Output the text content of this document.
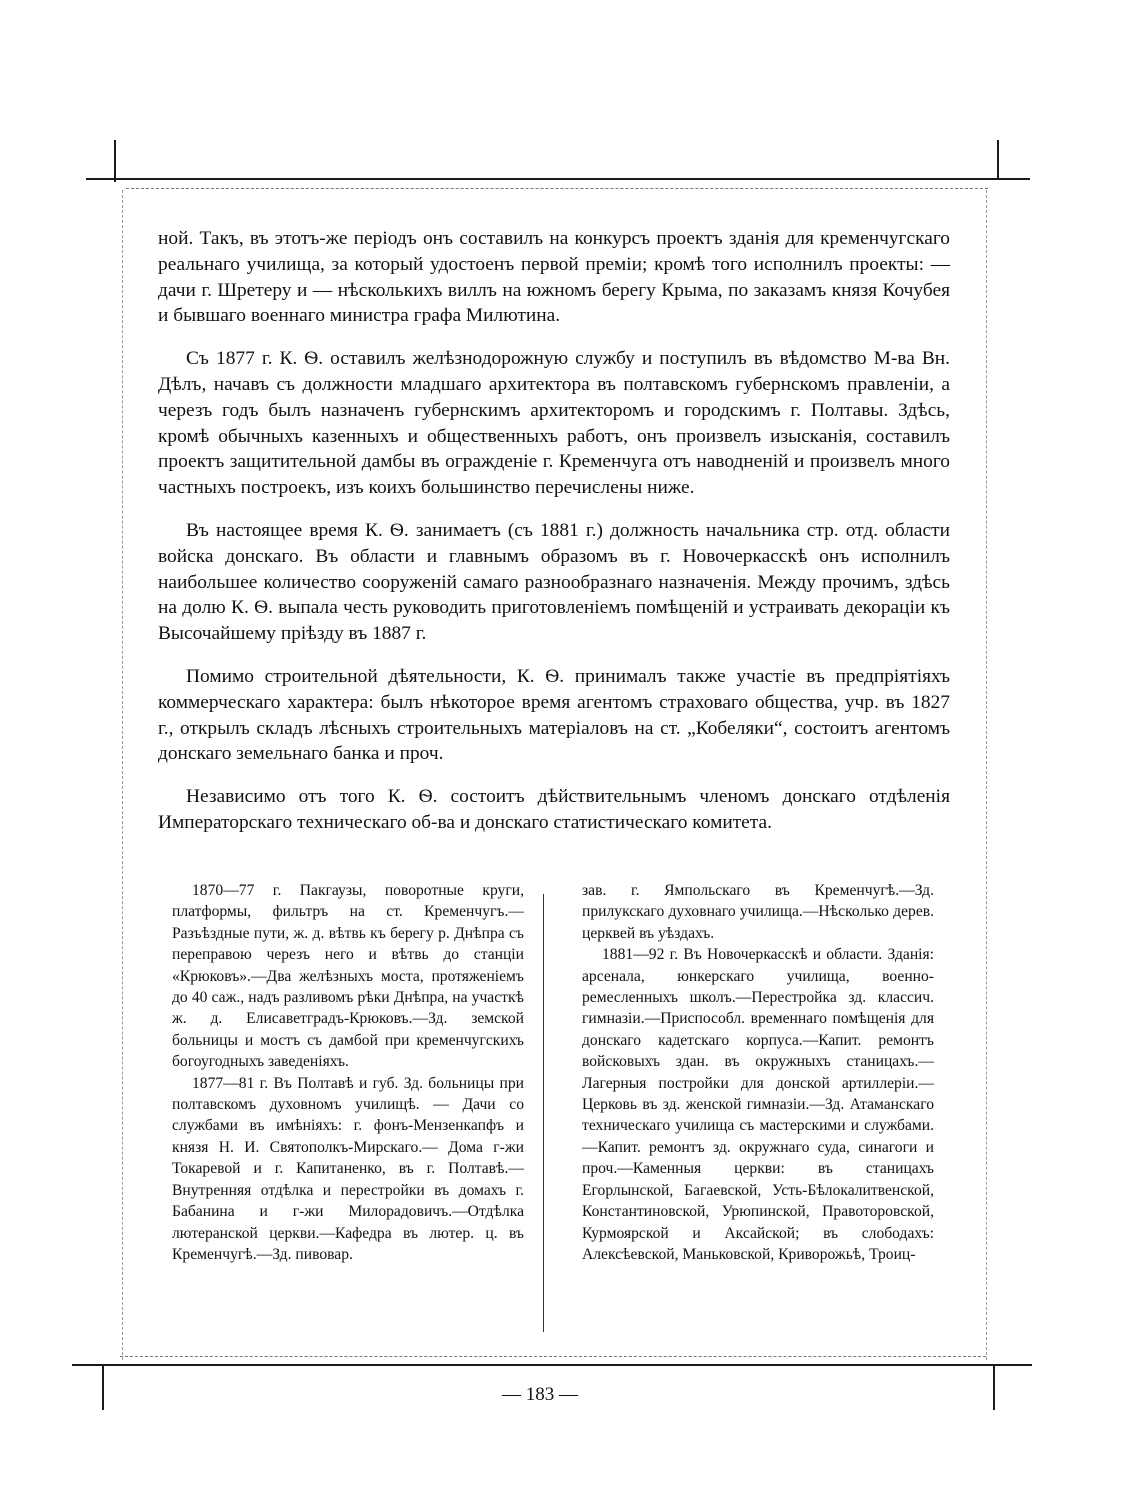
ной. Такъ, въ этотъ-же періодъ онъ составилъ на конкурсъ проектъ зданія для кременчугскаго реальнаго училища, за который удостоенъ первой преміи; кромѣ того исполнилъ проекты: — дачи г. Шретеру и — нѣсколькихъ виллъ на южномъ берегу Крыма, по заказамъ князя Кочубея и бывшаго военнаго министра графа Милютина.

Съ 1877 г. К. Ѳ. оставилъ желѣзнодорожную службу и поступилъ въ вѣдомство М-ва Вн. Дѣлъ, начавъ съ должности младшаго архитектора въ полтавскомъ губернскомъ правленіи, а черезъ годъ былъ назначенъ губернскимъ архитекторомъ и городскимъ г. Полтавы. Здѣсь, кромѣ обычныхъ казенныхъ и общественныхъ работъ, онъ произвелъ изысканія, составилъ проектъ защитительной дамбы въ огражденіе г. Кременчуга отъ наводненій и произвелъ много частныхъ построекъ, изъ коихъ большинство перечислены ниже.

Въ настоящее время К. Ѳ. занимаетъ (съ 1881 г.) должность начальника стр. отд. области войска донскаго. Въ области и главнымъ образомъ въ г. Новочеркасскѣ онъ исполнилъ наибольшее количество сооруженій самаго разнообразнаго назначенія. Между прочимъ, здѣсь на долю К. Ѳ. выпала честь руководить приготовленіемъ помѣщеній и устраивать декораціи къ Высочайшему пріѣзду въ 1887 г.

Помимо строительной дѣятельности, К. Ѳ. принималъ также участіе въ предпріятіяхъ коммерческаго характера: былъ нѣкоторое время агентомъ страховаго общества, учр. въ 1827 г., открылъ складъ лѣсныхъ строительныхъ матеріаловъ на ст. „Кобеляки“, состоитъ агентомъ донскаго земельнаго банка и проч.

Независимо отъ того К. Ѳ. состоитъ дѣйствительнымъ членомъ донскаго отдѣленія Императорскаго техническаго об-ва и донскаго статистическаго комитета.

1870—77 г. Пакгаузы, поворотные круги, платформы, фильтръ на ст. Кременчугъ.—Разъѣздные пути, ж. д. вѣтвь къ берегу р. Днѣпра съ переправою черезъ него и вѣтвь до станціи «Крюковъ».—Два желѣзныхъ моста, протяженіемъ до 40 саж., надъ разливомъ рѣки Днѣпра, на участкѣ ж. д. Елисаветградъ-Крюковъ.—Зд. земской больницы и мостъ съ дамбой при кременчугскихъ богоугодныхъ заведеніяхъ.

1877—81 г. Въ Полтавѣ и губ. Зд. больницы при полтавскомъ духовномъ училищѣ. — Дачи со службами въ имѣніяхъ: г. фонъ-Мензенкапфъ и князя Н. И. Святополкъ-Мирскаго.— Дома г-жи Токаревой и г. Капитаненко, въ г. Полтавѣ.—Внутренняя отдѣлка и перестройки въ домахъ г. Бабанина и г-жи Милорадовичъ.—Отдѣлка лютеранской церкви.—Кафедра въ лютер. ц. въ Кременчугѣ.—Зд. пивовар.

зав. г. Ямпольскаго въ Кременчугѣ.—Зд. прилукскаго духовнаго училища.—Нѣсколько дерев. церквей въ уѣздахъ.

1881—92 г. Въ Новочеркасскѣ и области. Зданія: арсенала, юнкерскаго училища, военно-ремесленныхъ школъ.—Перестройка зд. класcич. гимназіи.—Приспособл. временнаго помѣщенія для донскаго кадетскаго корпуса.—Капит. ремонтъ войсковыхъ здан. въ окружныхъ станицахъ.—Лагерныя постройки для донской артиллеріи.—Церковь въ зд. женской гимназіи.—Зд. Атаманскаго техническаго училища съ мастерскими и службами.—Капит. ремонтъ зд. окружнаго суда, синагоги и проч.—Каменныя церкви: въ станицахъ Егорлынской, Багаевской, Усть-Бѣлокалитвенской, Константиновской, Урюпинской, Правоторовской, Курмоярской и Аксайской; въ слободахъ: Алексѣевской, Маньковской, Криворожьѣ, Троиц-

— 183 —
